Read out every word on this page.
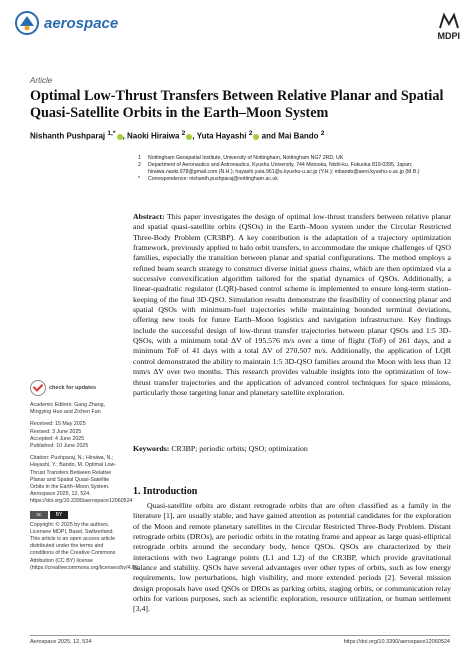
aerospace
MDPI
Article
Optimal Low-Thrust Transfers Between Relative Planar and Spatial Quasi-Satellite Orbits in the Earth–Moon System
Nishanth Pushparaj $^{1,*}$ , Naoki Hiraiwa $^2$ , Yuta Hayashi $^2$ and Mai Bando $^2$
1	Nottingham Geospatial Institute, University of Nottingham, Nottingham NG7 2RD, UK
2	Department of Aeronautics and Astronautics, Kyushu University, 744 Motooka, Nishi-ku, Fukuoka 819-0395, Japan; hiraiwa.naoki.978@gmail.com (N.H.); hayashi.yuta.961@s.kyushu-u.ac.jp (Y.H.); mbando@aero.kyushu-u.ac.jp (M.B.)
*	Correspondence: nishanth.pushparaj@nottingham.ac.uk
check for updates
Academic Editors: Gang Zhang, Mingying Huo and Zichen Fan
Received: 15 May 2025
Revised: 3 June 2025
Accepted: 4 June 2025
Published: 10 June 2025
Citation: Pushparaj, N.; Hiraiwa, N.; Hayashi, Y.; Bando, M. Optimal Low-Thrust Transfers Between Relative Planar and Spatial Quasi-Satellite Orbits in the Earth–Moon System. Aerospace 2025, 12, 524. https://doi.org/10.3390/aerospace12060524
cc	BY
Copyright: © 2025 by the authors. Licensee MDPI, Basel, Switzerland. This article is an open access article distributed under the terms and conditions of the Creative Commons Attribution (CC BY) license (https://creativecommons.org/licenses/by/4.0/).
Abstract: This paper investigates the design of optimal low-thrust transfers between relative planar and spatial quasi-satellite orbits (QSOs) in the Earth–Moon system under the Circular Restricted Three-Body Problem (CR3BP). A key contribution is the adaptation of a trajectory optimization framework, previously applied to halo orbit transfers, to accommodate the unique challenges of QSO families, especially the transition between planar and spatial configurations. The method employs a refined beam search strategy to construct diverse initial guess chains, which are then optimized via a successive convexification algorithm tailored for the spatial dynamics of QSOs. Additionally, a linear-quadratic regulator (LQR)-based control scheme is implemented to ensure long-term station-keeping of the final 3D-QSO. Simulation results demonstrate the feasibility of connecting planar and spatial QSOs with minimum-fuel trajectories while maintaining bounded terminal deviations, offering new tools for future Earth–Moon logistics and navigation infrastructure. Key findings include the successful design of low-thrust transfer trajectories between planar QSOs and 1:5 3D-QSOs, with a minimum total ΔV of 195.576 m/s over a time of flight (ToF) of 261 days, and a minimum ToF of 41 days with a total ΔV of 270.507 m/s. Additionally, the application of LQR control demonstrated the ability to maintain 1:5 3D-QSO families around the Moon with less than 12 mm/s ΔV over two months. This research provides valuable insights into the optimization of low-thrust transfer trajectories and the application of advanced control techniques for space missions, particularly those targeting lunar and planetary satellite exploration.
Keywords: CR3BP; periodic orbits; QSO; optimization
1. Introduction

Quasi-satellite orbits are distant retrograde orbits that are often classified as a family in the literature [1], are usually stable, and have gained attention as potential candidates for the exploration of the Moon and remote planetary satellites in the Circular Restricted Three-Body Problem. Distant retrograde orbits (DROs), are periodic orbits in the rotating frame and appear as large quasi-elliptical retrograde orbits around the secondary body, hence QSOs. QSOs are characterized by their interactions with two Lagrange points (L1 and L2) of the CR3BP, which provide gravitational balance and stability. QSOs have several advantages over other types of orbits, such as low energy requirements, low perturbations, high visibility, and more extended periods [2]. Several mission design proposals have used QSOs or DROs as parking orbits, staging orbits, or communication relay orbits for various purposes, such as scientific exploration, resource utilization, or human settlement [3,4].

Aerospace 2025, 12, 524	https://doi.org/10.3390/aerospace12060524
